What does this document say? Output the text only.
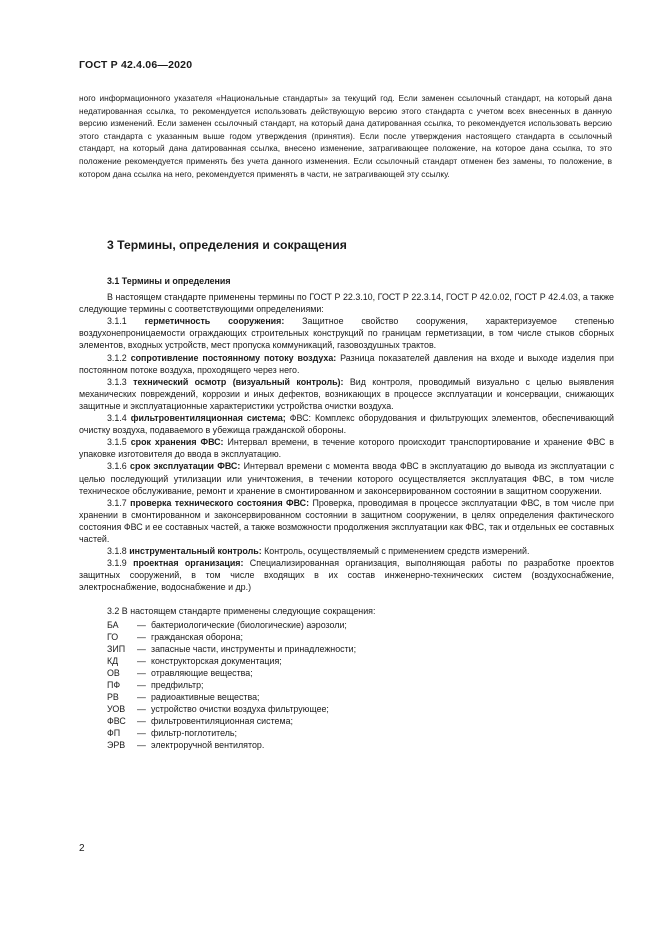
ГОСТ Р 42.4.06—2020
ного информационного указателя «Национальные стандарты» за текущий год. Если заменен ссылочный стандарт, на который дана недатированная ссылка, то рекомендуется использовать действующую версию этого стандарта с учетом всех внесенных в данную версию изменений. Если заменен ссылочный стандарт, на который дана датированная ссылка, то рекомендуется использовать версию этого стандарта с указанным выше годом утверждения (принятия). Если после утверждения настоящего стандарта в ссылочный стандарт, на который дана датированная ссылка, внесено изменение, затрагивающее положение, на которое дана ссылка, то это положение рекомендуется применять без учета данного изменения. Если ссылочный стандарт отменен без замены, то положение, в котором дана ссылка на него, рекомендуется применять в части, не затрагивающей эту ссылку.
3 Термины, определения и сокращения

3.1 Термины и определения

В настоящем стандарте применены термины по ГОСТ Р 22.3.10, ГОСТ Р 22.3.14, ГОСТ Р 42.0.02, ГОСТ Р 42.4.03, а также следующие термины с соответствующими определениями:

3.1.1 герметичность сооружения: Защитное свойство сооружения, характеризуемое степенью воздухонепроницаемости ограждающих строительных конструкций по границам герметизации, в том числе стыков сборных элементов, входных устройств, мест пропуска коммуникаций, газовоздушных трактов.

3.1.2 сопротивление постоянному потоку воздуха: Разница показателей давления на входе и выходе изделия при постоянном потоке воздуха, проходящего через него.

3.1.3 технический осмотр (визуальный контроль): Вид контроля, проводимый визуально с целью выявления механических повреждений, коррозии и иных дефектов, возникающих в процессе эксплуатации и консервации, снижающих защитные и эксплуатационные характеристики устройства очистки воздуха.

3.1.4 фильтровентиляционная система; ФВС: Комплекс оборудования и фильтрующих элементов, обеспечивающий очистку воздуха, подаваемого в убежища гражданской обороны.

3.1.5 срок хранения ФВС: Интервал времени, в течение которого происходит транспортирование и хранение ФВС в упаковке изготовителя до ввода в эксплуатацию.

3.1.6 срок эксплуатации ФВС: Интервал времени с момента ввода ФВС в эксплуатацию до вывода из эксплуатации с целью последующий утилизации или уничтожения, в течении которого осуществляется эксплуатация ФВС, в том числе техническое обслуживание, ремонт и хранение в смонтированном и законсервированном состоянии в защитном сооружении.

3.1.7 проверка технического состояния ФВС: Проверка, проводимая в процессе эксплуатации ФВС, в том числе при хранении в смонтированном и законсервированном состоянии в защитном сооружении, в целях определения фактического состояния ФВС и ее составных частей, а также возможности продолжения эксплуатации как ФВС, так и отдельных ее составных частей.

3.1.8 инструментальный контроль: Контроль, осуществляемый с применением средств измерений.

3.1.9 проектная организация: Специализированная организация, выполняющая работы по разработке проектов защитных сооружений, в том числе входящих в их состав инженерно-технических систем (воздухоснабжение, электроснабжение, водоснабжение и др.)

3.2 В настоящем стандарте применены следующие сокращения:

БА	— бактериологические (биологические) аэрозоли;
ГО	— гражданская оборона;
ЗИП	— запасные части, инструменты и принадлежности;
КД	— конструкторская документация;
ОВ	— отравляющие вещества;
ПФ	— предфильтр;
РВ	— радиоактивные вещества;
УОВ	— устройство очистки воздуха фильтрующее;
ФВС	— фильтровентиляционная система;
ФП	— фильтр-поглотитель;
ЭРВ	— электроручной вентилятор.
2
